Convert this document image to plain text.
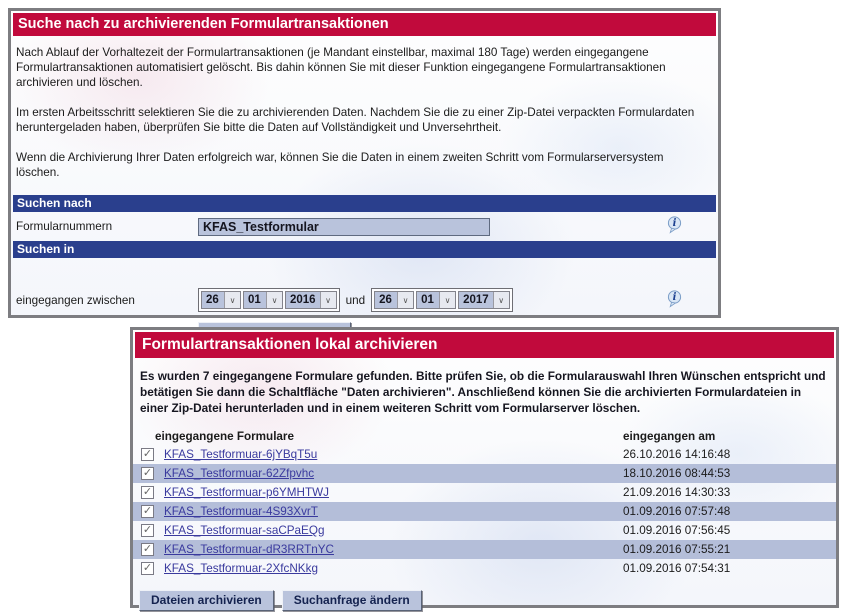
Suche nach zu archivierenden Formulartransaktionen

Nach Ablauf der Vorhaltezeit der Formulartransaktionen (je Mandant einstellbar, maximal 180 Tage) werden eingegangene Formulartransaktionen automatisiert gelöscht. Bis dahin können Sie mit dieser Funktion eingegangene Formulartransaktionen archivieren und löschen.

Im ersten Arbeitsschritt selektieren Sie die zu archivierenden Daten. Nachdem Sie die zu einer Zip-Datei verpackten Formulardaten heruntergeladen haben, überprüfen Sie bitte die Daten auf Vollständigkeit und Unversehrtheit.

Wenn die Archivierung Ihrer Daten erfolgreich war, können Sie die Daten in einem zweiten Schritt vom Formularserversystem löschen.

Suchen nach
Formularnummern
KFAS_Testformular	i
Suchen in
eingegangen zwischen	26	∨	01	∨	2016	∨	und	26	∨	01	∨	2017	∨	i
Formulartransaktionen lokal archivieren
Es wurden 7 eingegangene Formulare gefunden. Bitte prüfen Sie, ob die Formularauswahl Ihren Wünschen entspricht und betätigen Sie dann die Schaltfläche "Daten archivieren". Anschließend können Sie die archivierten Formulardateien in einer Zip-Datei herunterladen und in einem weiteren Schritt vom Formularserver löschen.
eingegangene Formulare	eingegangen am
✓ KFAS_Testformuar-6jYBqT5u	26.10.2016 14:16:48
✓ KFAS_Testformuar-62Zfpvhc	18.10.2016 08:44:53
✓ KFAS_Testformuar-p6YMHTWJ	21.09.2016 14:30:33
✓ KFAS_Testformuar-4S93XvrT	01.09.2016 07:57:48
✓ KFAS_Testformuar-saCPaEQg	01.09.2016 07:56:45
✓ KFAS_Testformuar-dR3RRTnYC	01.09.2016 07:55:21
✓ KFAS_Testformuar-2XfcNKkg	01.09.2016 07:54:31
Dateien archivieren	Suchanfrage ändern
